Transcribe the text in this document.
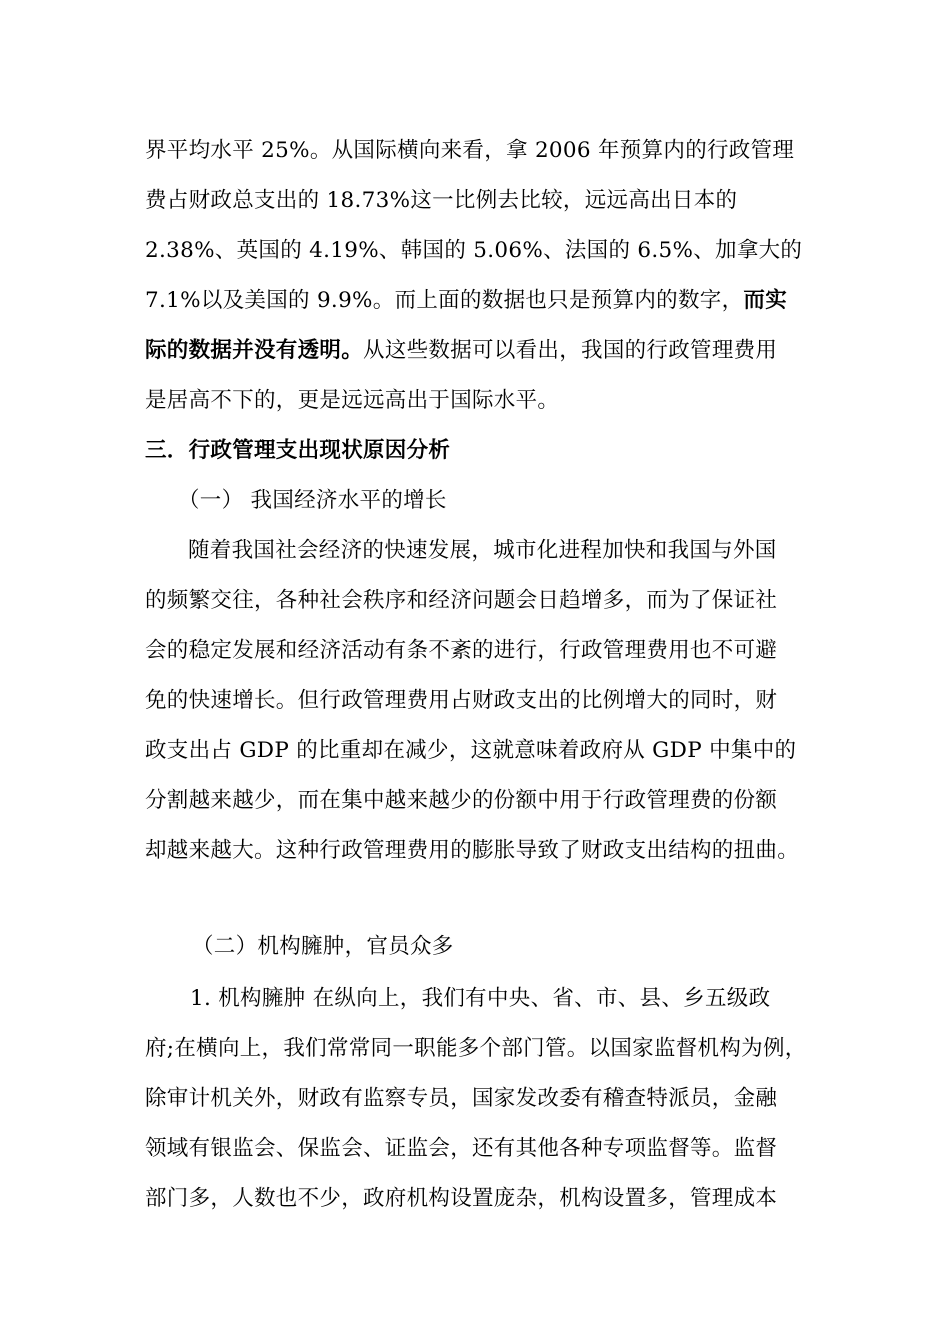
界平均水平 25%。从国际横向来看，拿 2006 年预算内的行政管理
费占财政总支出的 18.73%这一比例去比较，远远高出日本的
2.38%、英国的 4.19%、韩国的 5.06%、法国的 6.5%、加拿大的
7.1%以及美国的 9.9%。而上面的数据也只是预算内的数字，而实
际的数据并没有透明。从这些数据可以看出，我国的行政管理费用
是居高不下的，更是远远高出于国际水平。
三．行政管理支出现状原因分析
（一） 我国经济水平的增长
随着我国社会经济的快速发展，城市化进程加快和我国与外国
的频繁交往，各种社会秩序和经济问题会日趋增多，而为了保证社
会的稳定发展和经济活动有条不紊的进行，行政管理费用也不可避
免的快速增长。但行政管理费用占财政支出的比例增大的同时，财
政支出占 GDP 的比重却在减少，这就意味着政府从 GDP 中集中的
分割越来越少，而在集中越来越少的份额中用于行政管理费的份额
却越来越大。这种行政管理费用的膨胀导致了财政支出结构的扭曲。
（二）机构臃肿，官员众多
1. 机构臃肿 在纵向上，我们有中央、省、市、县、乡五级政
府;在横向上，我们常常同一职能多个部门管。以国家监督机构为例，
除审计机关外，财政有监察专员，国家发改委有稽查特派员，金融
领域有银监会、保监会、证监会，还有其他各种专项监督等。监督
部门多，人数也不少，政府机构设置庞杂，机构设置多，管理成本
